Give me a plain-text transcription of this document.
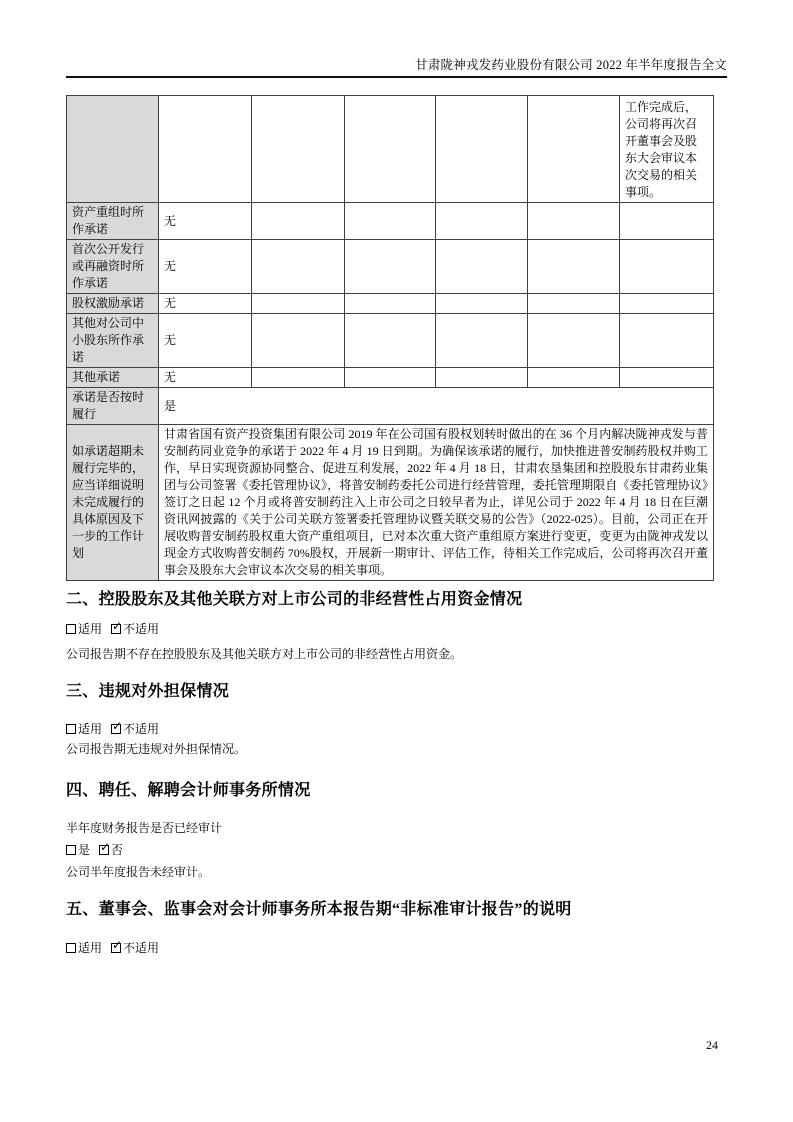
甘肃陇神戎发药业股份有限公司 2022 年半年度报告全文
						工作完成后，公司将再次召开董事会及股东大会审议本次交易的相关事项。
资产重组时所作承诺	无					
首次公开发行或再融资时所作承诺	无					
股权激励承诺	无					
其他对公司中小股东所作承诺	无					
其他承诺	无					
承诺是否按时履行	是					
如承诺超期未履行完毕的，应当详细说明未完成履行的具体原因及下一步的工作计划	甘肃省国有资产投资集团有限公司 2019 年在公司国有股权划转时做出的在 36 个月内解决陇神戎发与普安制药同业竞争的承诺于 2022 年 4 月 19 日到期。为确保该承诺的履行，加快推进普安制药股权并购工作，早日实现资源协同整合、促进互利发展，2022 年 4 月 18 日，甘肃农垦集团和控股股东甘肃药业集团与公司签署《委托管理协议》，将普安制药委托公司进行经营管理，委托管理期限自《委托管理协议》签订之日起 12 个月或将普安制药注入上市公司之日较早者为止，详见公司于 2022 年 4 月 18 日在巨潮资讯网披露的《关于公司关联方签署委托管理协议暨关联交易的公告》（2022-025）。目前，公司正在开展收购普安制药股权重大资产重组项目，已对本次重大资产重组原方案进行变更，变更为由陇神戎发以现金方式收购普安制药 70%股权，开展新一期审计、评估工作，待相关工作完成后，公司将再次召开董事会及股东大会审议本次交易的相关事项。					
二、控股股东及其他关联方对上市公司的非经营性占用资金情况
适用 ✓ 不适用
公司报告期不存在控股股东及其他关联方对上市公司的非经营性占用资金。
三、违规对外担保情况
适用 ✓ 不适用
公司报告期无违规对外担保情况。
四、聘任、解聘会计师事务所情况
半年度财务报告是否已经审计
是 ✓ 否
公司半年度报告未经审计。
五、董事会、监事会对会计师事务所本报告期“非标准审计报告”的说明
适用 ✓ 不适用
24
